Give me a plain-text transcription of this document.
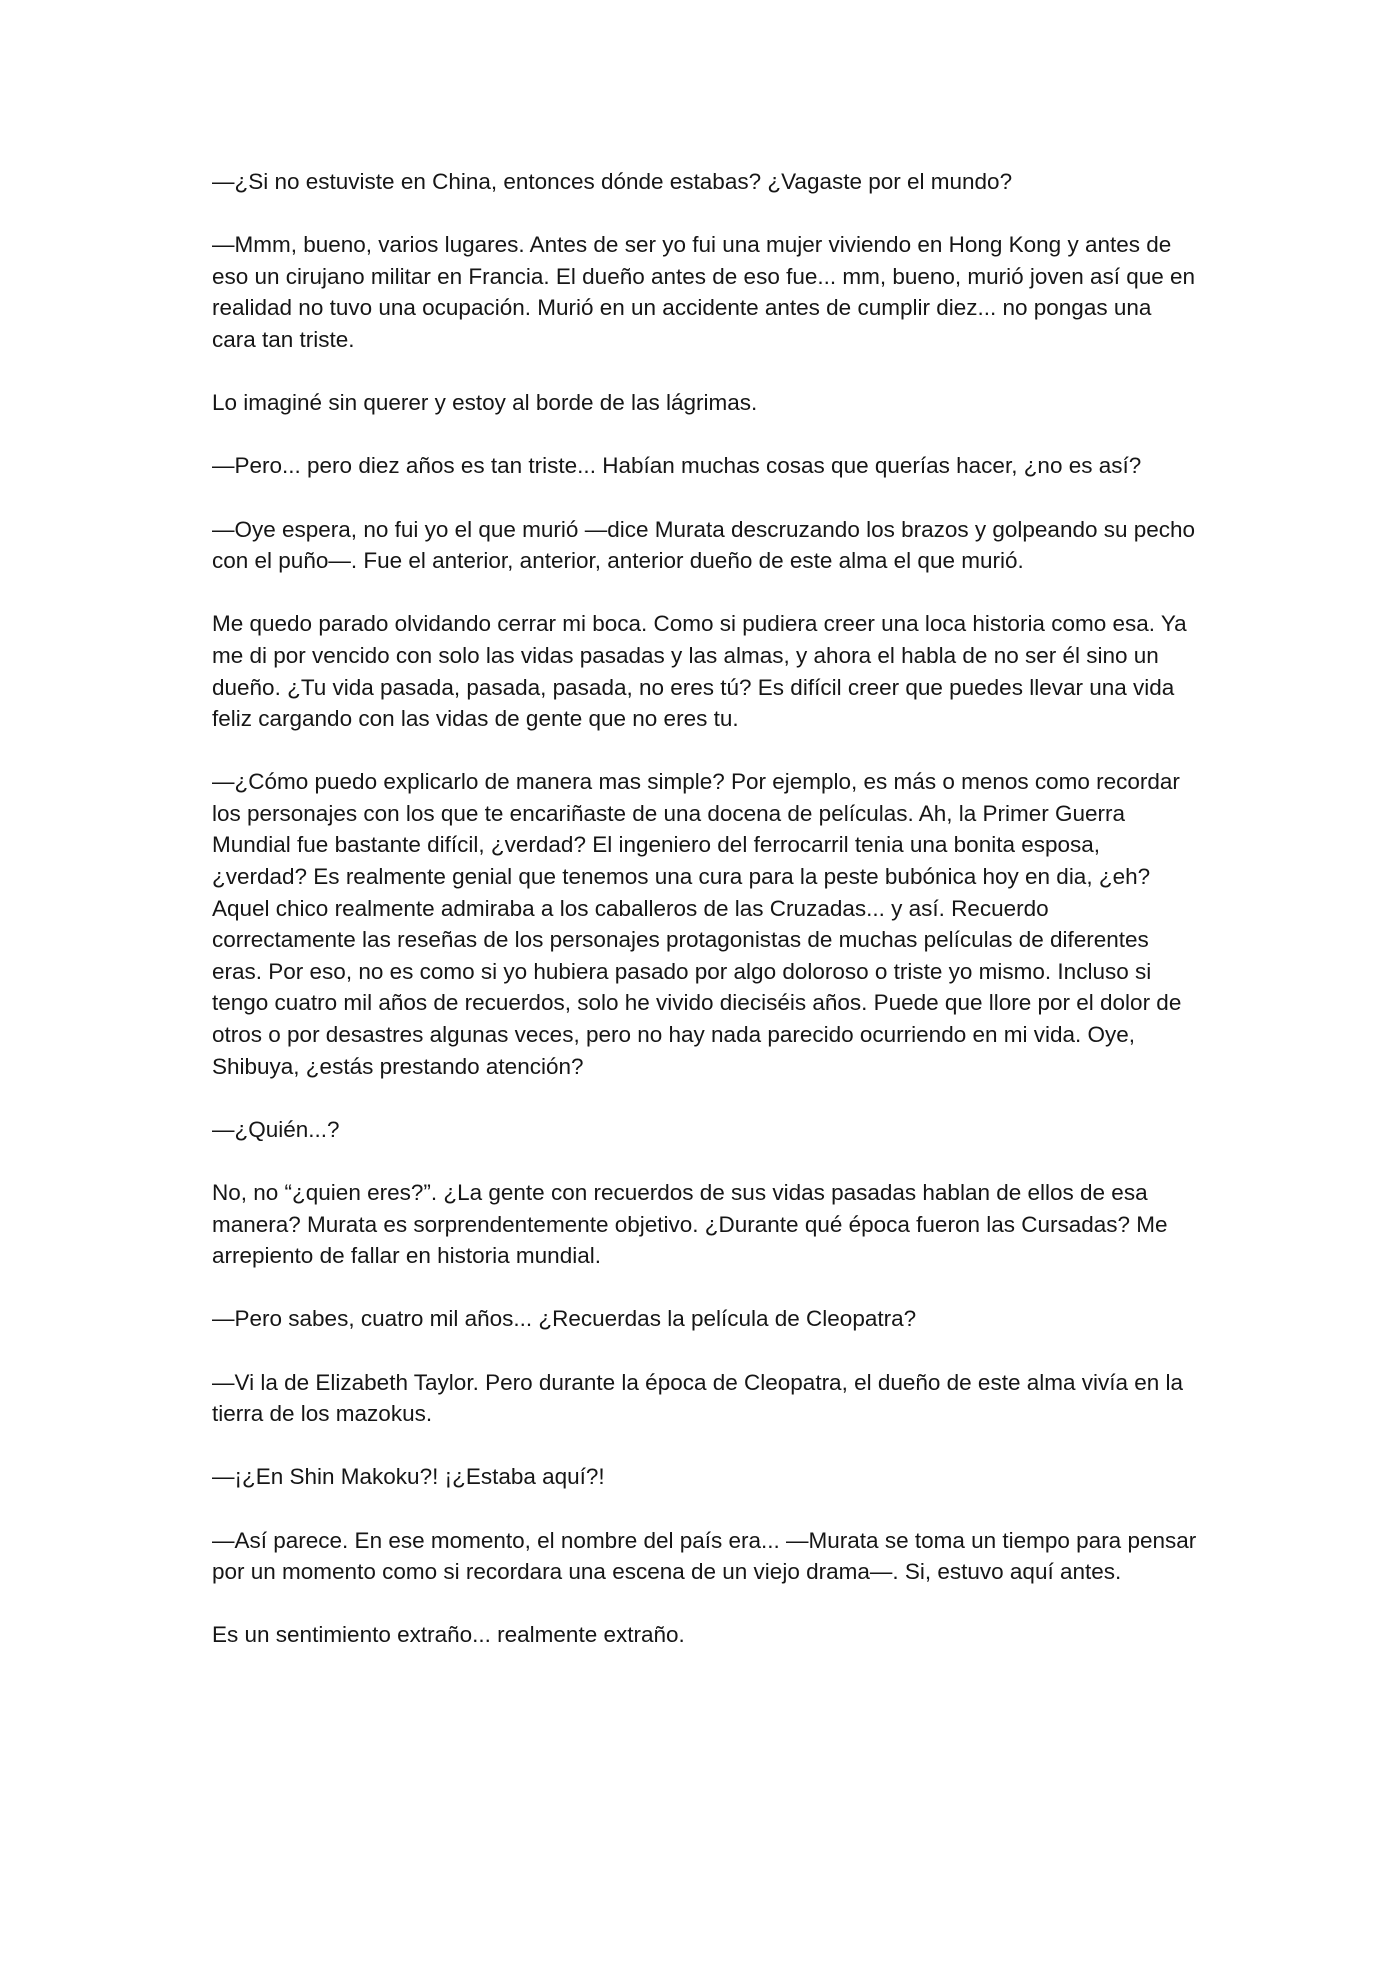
—¿Si no estuviste en China, entonces dónde estabas? ¿Vagaste por el mundo?

—Mmm, bueno, varios lugares. Antes de ser yo fui una mujer viviendo en Hong Kong y antes de eso un cirujano militar en Francia. El dueño antes de eso fue... mm, bueno, murió joven así que en realidad no tuvo una ocupación. Murió en un accidente antes de cumplir diez... no pongas una cara tan triste.

Lo imaginé sin querer y estoy al borde de las lágrimas.

—Pero... pero diez años es tan triste... Habían muchas cosas que querías hacer, ¿no es así?

—Oye espera, no fui yo el que murió —dice Murata descruzando los brazos y golpeando su pecho con el puño—. Fue el anterior, anterior, anterior dueño de este alma el que murió.

Me quedo parado olvidando cerrar mi boca. Como si pudiera creer una loca historia como esa. Ya me di por vencido con solo las vidas pasadas y las almas, y ahora el habla de no ser él sino un dueño. ¿Tu vida pasada, pasada, pasada, no eres tú? Es difícil creer que puedes llevar una vida feliz cargando con las vidas de gente que no eres tu.

—¿Cómo puedo explicarlo de manera mas simple? Por ejemplo, es más o menos como recordar los personajes con los que te encariñaste de una docena de películas. Ah, la Primer Guerra Mundial fue bastante difícil, ¿verdad? El ingeniero del ferrocarril tenia una bonita esposa, ¿verdad? Es realmente genial que tenemos una cura para la peste bubónica hoy en dia, ¿eh? Aquel chico realmente admiraba a los caballeros de las Cruzadas... y así. Recuerdo correctamente las reseñas de los personajes protagonistas de muchas películas de diferentes eras. Por eso, no es como si yo hubiera pasado por algo doloroso o triste yo mismo. Incluso si tengo cuatro mil años de recuerdos, solo he vivido dieciséis años. Puede que llore por el dolor de otros o por desastres algunas veces, pero no hay nada parecido ocurriendo en mi vida. Oye, Shibuya, ¿estás prestando atención?

—¿Quién...?

No, no “¿quien eres?”. ¿La gente con recuerdos de sus vidas pasadas hablan de ellos de esa manera? Murata es sorprendentemente objetivo. ¿Durante qué época fueron las Cursadas? Me arrepiento de fallar en historia mundial.

—Pero sabes, cuatro mil años... ¿Recuerdas la película de Cleopatra?

—Vi la de Elizabeth Taylor. Pero durante la época de Cleopatra, el dueño de este alma vivía en la tierra de los mazokus.

—¡¿En Shin Makoku?! ¡¿Estaba aquí?!

—Así parece. En ese momento, el nombre del país era... —Murata se toma un tiempo para pensar por un momento como si recordara una escena de un viejo drama—. Si, estuvo aquí antes.

Es un sentimiento extraño... realmente extraño.
